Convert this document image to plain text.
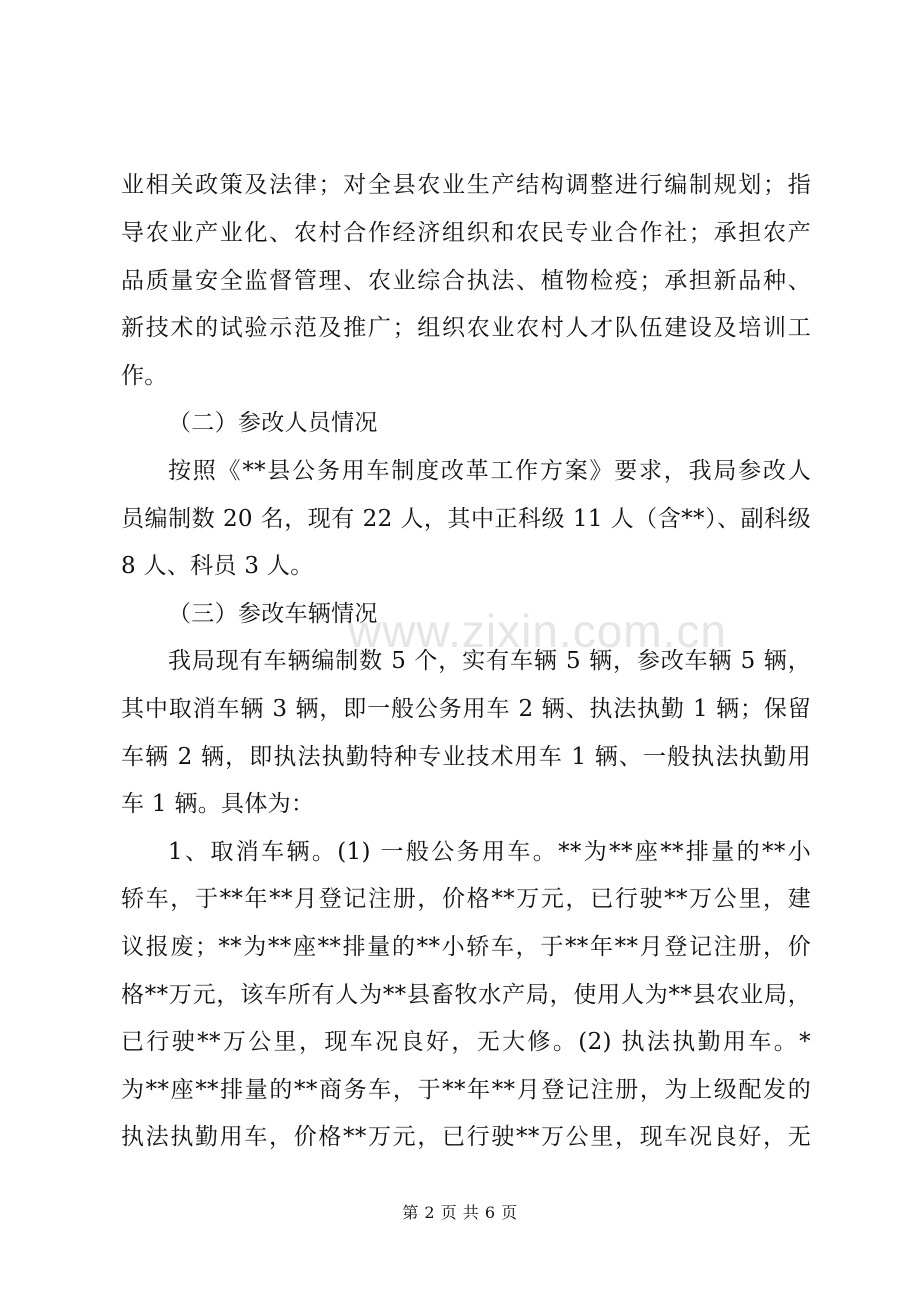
业相关政策及法律；对全县农业生产结构调整进行编制规划；指
导农业产业化、农村合作经济组织和农民专业合作社；承担农产
品质量安全监督管理、农业综合执法、植物检疫；承担新品种、
新技术的试验示范及推广；组织农业农村人才队伍建设及培训工
作。
（二）参改人员情况
按照《**县公务用车制度改革工作方案》要求，我局参改人
员编制数 20 名，现有 22 人，其中正科级 11 人（含**）、副科级
8 人、科员 3 人。
（三）参改车辆情况
我局现有车辆编制数 5 个，实有车辆 5 辆，参改车辆 5 辆，
其中取消车辆 3 辆，即一般公务用车 2 辆、执法执勤 1 辆；保留
车辆 2 辆，即执法执勤特种专业技术用车 1 辆、一般执法执勤用
车 1 辆。具体为：
1、取消车辆。(1) 一般公务用车。**为**座**排量的**小
轿车，于**年**月登记注册，价格**万元，已行驶**万公里，建
议报废；**为**座**排量的**小轿车，于**年**月登记注册，价
格**万元，该车所有人为**县畜牧水产局，使用人为**县农业局，
已行驶**万公里，现车况良好，无大修。(2) 执法执勤用车。*
为**座**排量的**商务车，于**年**月登记注册，为上级配发的
执法执勤用车，价格**万元，已行驶**万公里，现车况良好，无
www.zixin.com.cn
第 2 页 共 6 页
